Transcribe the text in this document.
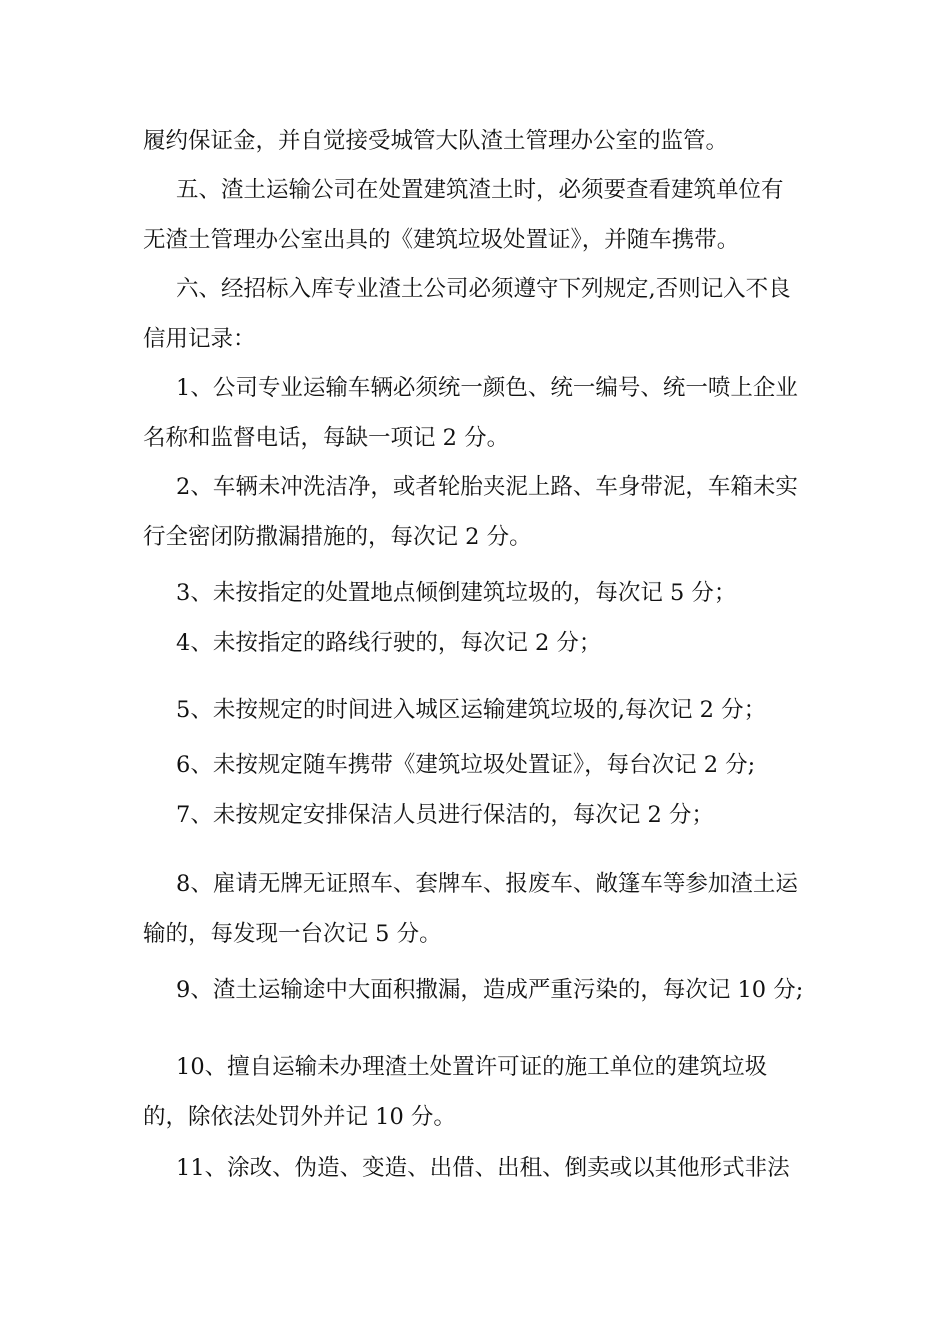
履约保证金，并自觉接受城管大队渣土管理办公室的监管。

五、渣土运输公司在处置建筑渣土时，必须要查看建筑单位有

无渣土管理办公室出具的《建筑垃圾处置证》，并随车携带。

六、经招标入库专业渣土公司必须遵守下列规定,否则记入不良

信用记录：

1、公司专业运输车辆必须统一颜色、统一编号、统一喷上企业

名称和监督电话，每缺一项记 2 分。

2、车辆未冲洗洁净，或者轮胎夹泥上路、车身带泥，车箱未实

行全密闭防撒漏措施的，每次记 2 分。

3、未按指定的处置地点倾倒建筑垃圾的，每次记 5 分；

4、未按指定的路线行驶的，每次记 2 分；

5、未按规定的时间进入城区运输建筑垃圾的,每次记 2 分；

6、未按规定随车携带《建筑垃圾处置证》，每台次记 2 分;

7、未按规定安排保洁人员进行保洁的，每次记 2 分；

8、雇请无牌无证照车、套牌车、报废车、敞篷车等参加渣土运

输的，每发现一台次记 5 分。

9、渣土运输途中大面积撒漏，造成严重污染的，每次记 10 分;

10、擅自运输未办理渣土处置许可证的施工单位的建筑垃圾

的，除依法处罚外并记 10 分。

11、涂改、伪造、变造、出借、出租、倒卖或以其他形式非法
